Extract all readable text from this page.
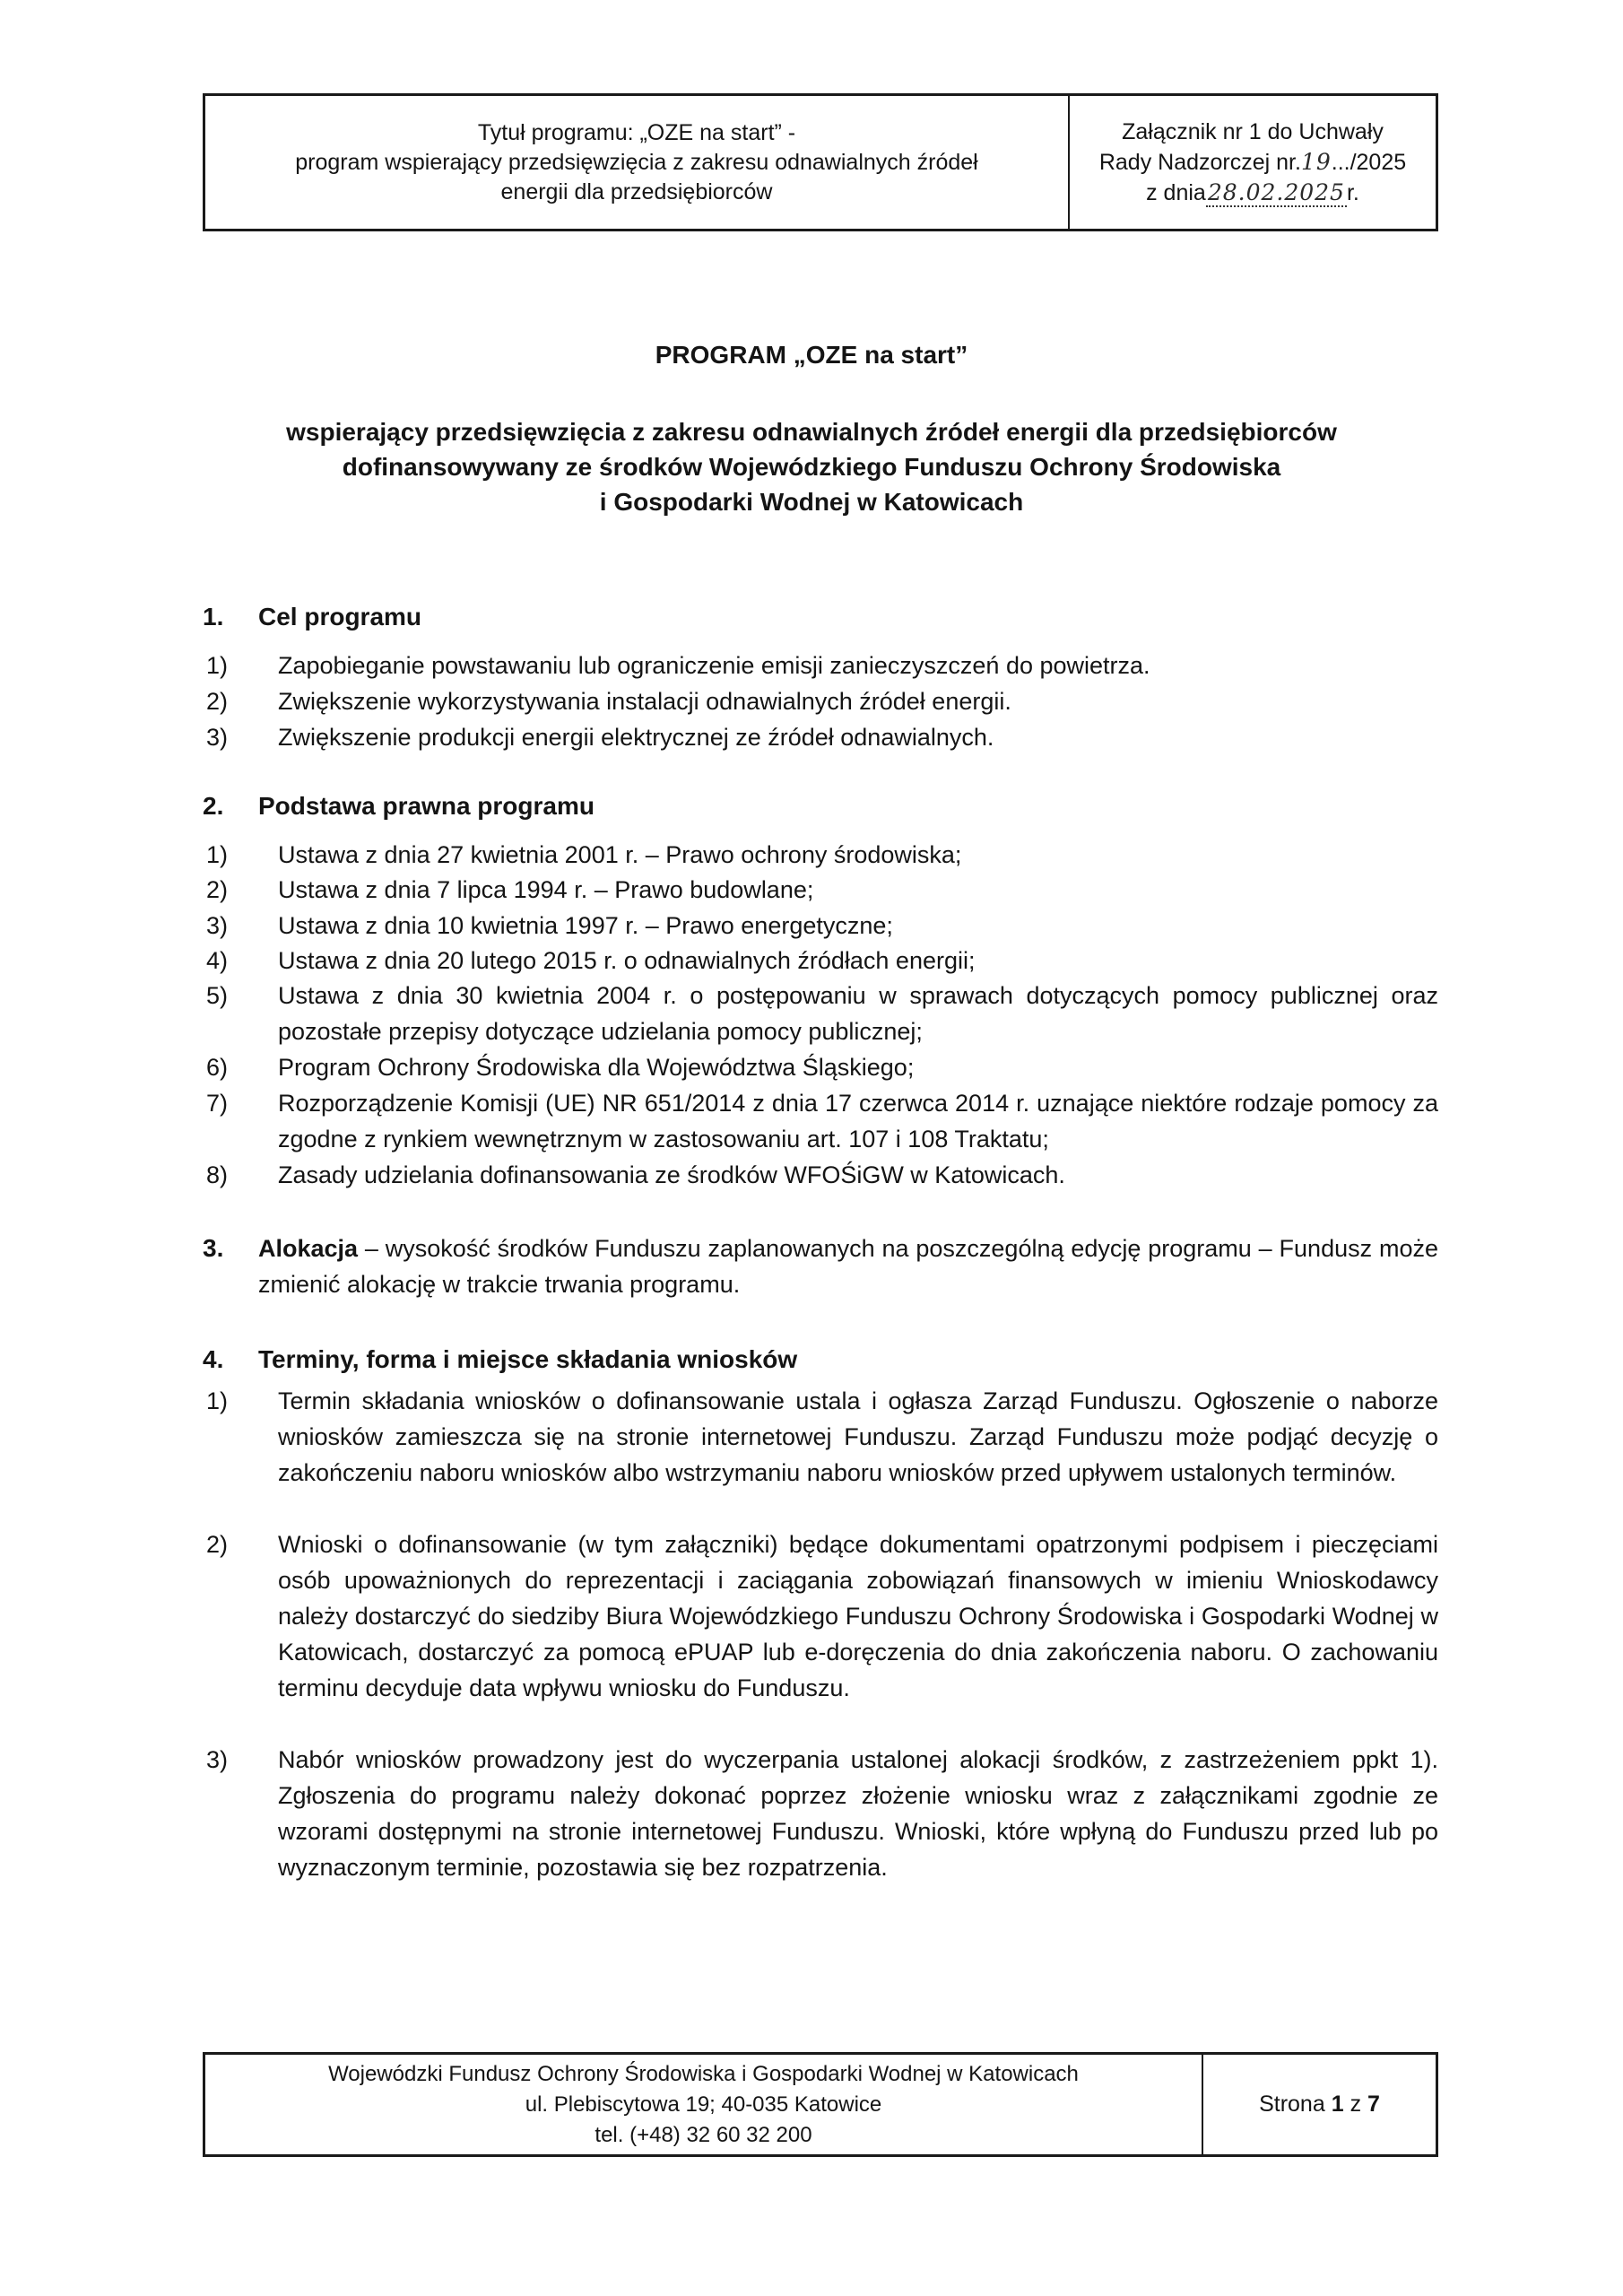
Tytuł programu: „OZE na start” -
program wspierający przedsięwzięcia z zakresu odnawialnych źródeł
energii dla przedsiębiorców
Załącznik nr 1 do Uchwały
Rady Nadzorczej nr.19.../2025
z dnia28.02.2025r.
PROGRAM „OZE na start”
wspierający przedsięwzięcia z zakresu odnawialnych źródeł energii dla przedsiębiorców
dofinansowywany ze środków Wojewódzkiego Funduszu Ochrony Środowiska
i Gospodarki Wodnej w Katowicach
1. Cel programu
1) Zapobieganie powstawaniu lub ograniczenie emisji zanieczyszczeń do powietrza.
2) Zwiększenie wykorzystywania instalacji odnawialnych źródeł energii.
3) Zwiększenie produkcji energii elektrycznej ze źródeł odnawialnych.
2. Podstawa prawna programu
1) Ustawa z dnia 27 kwietnia 2001 r. – Prawo ochrony środowiska;
2) Ustawa z dnia 7 lipca 1994 r. – Prawo budowlane;
3) Ustawa z dnia 10 kwietnia 1997 r. – Prawo energetyczne;
4) Ustawa z dnia 20 lutego 2015 r. o odnawialnych źródłach energii;
5) Ustawa z dnia 30 kwietnia 2004 r. o postępowaniu w sprawach dotyczących pomocy publicznej oraz pozostałe przepisy dotyczące udzielania pomocy publicznej;
6) Program Ochrony Środowiska dla Województwa Śląskiego;
7) Rozporządzenie Komisji (UE) NR 651/2014 z dnia 17 czerwca 2014 r. uznające niektóre rodzaje pomocy za zgodne z rynkiem wewnętrznym w zastosowaniu art. 107 i 108 Traktatu;
8) Zasady udzielania dofinansowania ze środków WFOŚiGW w Katowicach.
3. Alokacja – wysokość środków Funduszu zaplanowanych na poszczególną edycję programu – Fundusz może zmienić alokację w trakcie trwania programu.
4. Terminy, forma i miejsce składania wniosków
1) Termin składania wniosków o dofinansowanie ustala i ogłasza Zarząd Funduszu. Ogłoszenie o naborze wniosków zamieszcza się na stronie internetowej Funduszu. Zarząd Funduszu może podjąć decyzję o zakończeniu naboru wniosków albo wstrzymaniu naboru wniosków przed upływem ustalonych terminów.
2) Wnioski o dofinansowanie (w tym załączniki) będące dokumentami opatrzonymi podpisem i pieczęciami osób upoważnionych do reprezentacji i zaciągania zobowiązań finansowych w imieniu Wnioskodawcy należy dostarczyć do siedziby Biura Wojewódzkiego Funduszu Ochrony Środowiska i Gospodarki Wodnej w Katowicach, dostarczyć za pomocą ePUAP lub e-doręczenia do dnia zakończenia naboru. O zachowaniu terminu decyduje data wpływu wniosku do Funduszu.
3) Nabór wniosków prowadzony jest do wyczerpania ustalonej alokacji środków, z zastrzeżeniem ppkt 1). Zgłoszenia do programu należy dokonać poprzez złożenie wniosku wraz z załącznikami zgodnie ze wzorami dostępnymi na stronie internetowej Funduszu. Wnioski, które wpłyną do Funduszu przed lub po wyznaczonym terminie, pozostawia się bez rozpatrzenia.
Wojewódzki Fundusz Ochrony Środowiska i Gospodarki Wodnej w Katowicach
ul. Plebiscytowa 19; 40-035 Katowice
tel. (+48) 32 60 32 200
Strona 1 z 7
